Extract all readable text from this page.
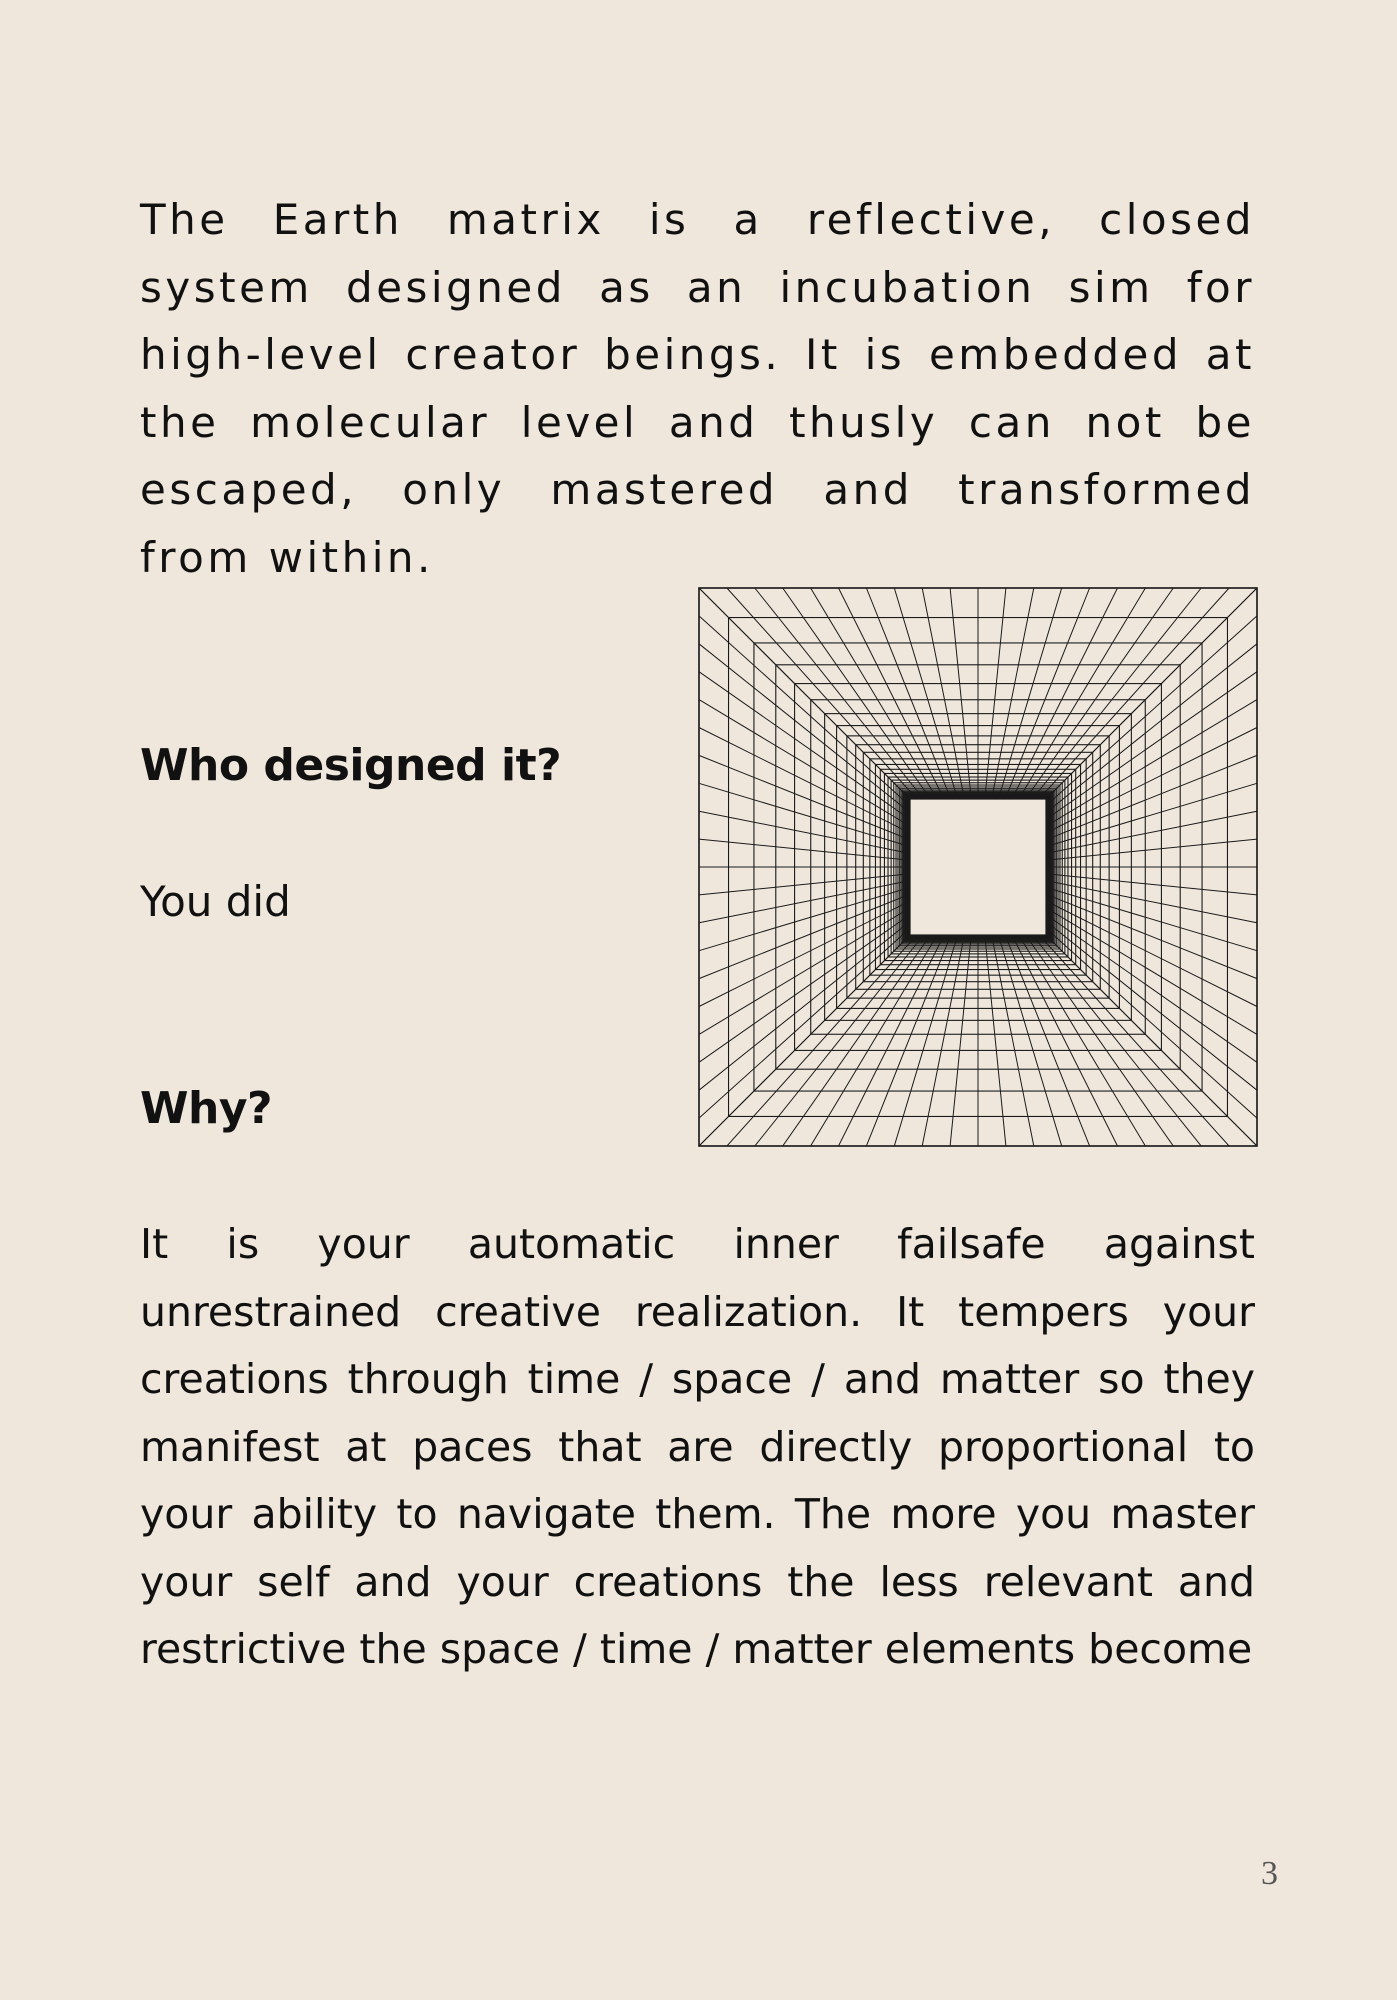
The Earth matrix is a reflective, closed system designed as an incubation sim for high-level creator beings. It is embedded at the molecular level and thusly can not be escaped, only mastered and transformed from within.

Who designed it?

You did

Why?

It is your automatic inner failsafe against unrestrained creative realization. It tempers your creations through time / space / and matter so they manifest at paces that are directly proportional to your ability to navigate them. The more you master your self and your creations the less relevant and restrictive the space / time / matter elements become

3
